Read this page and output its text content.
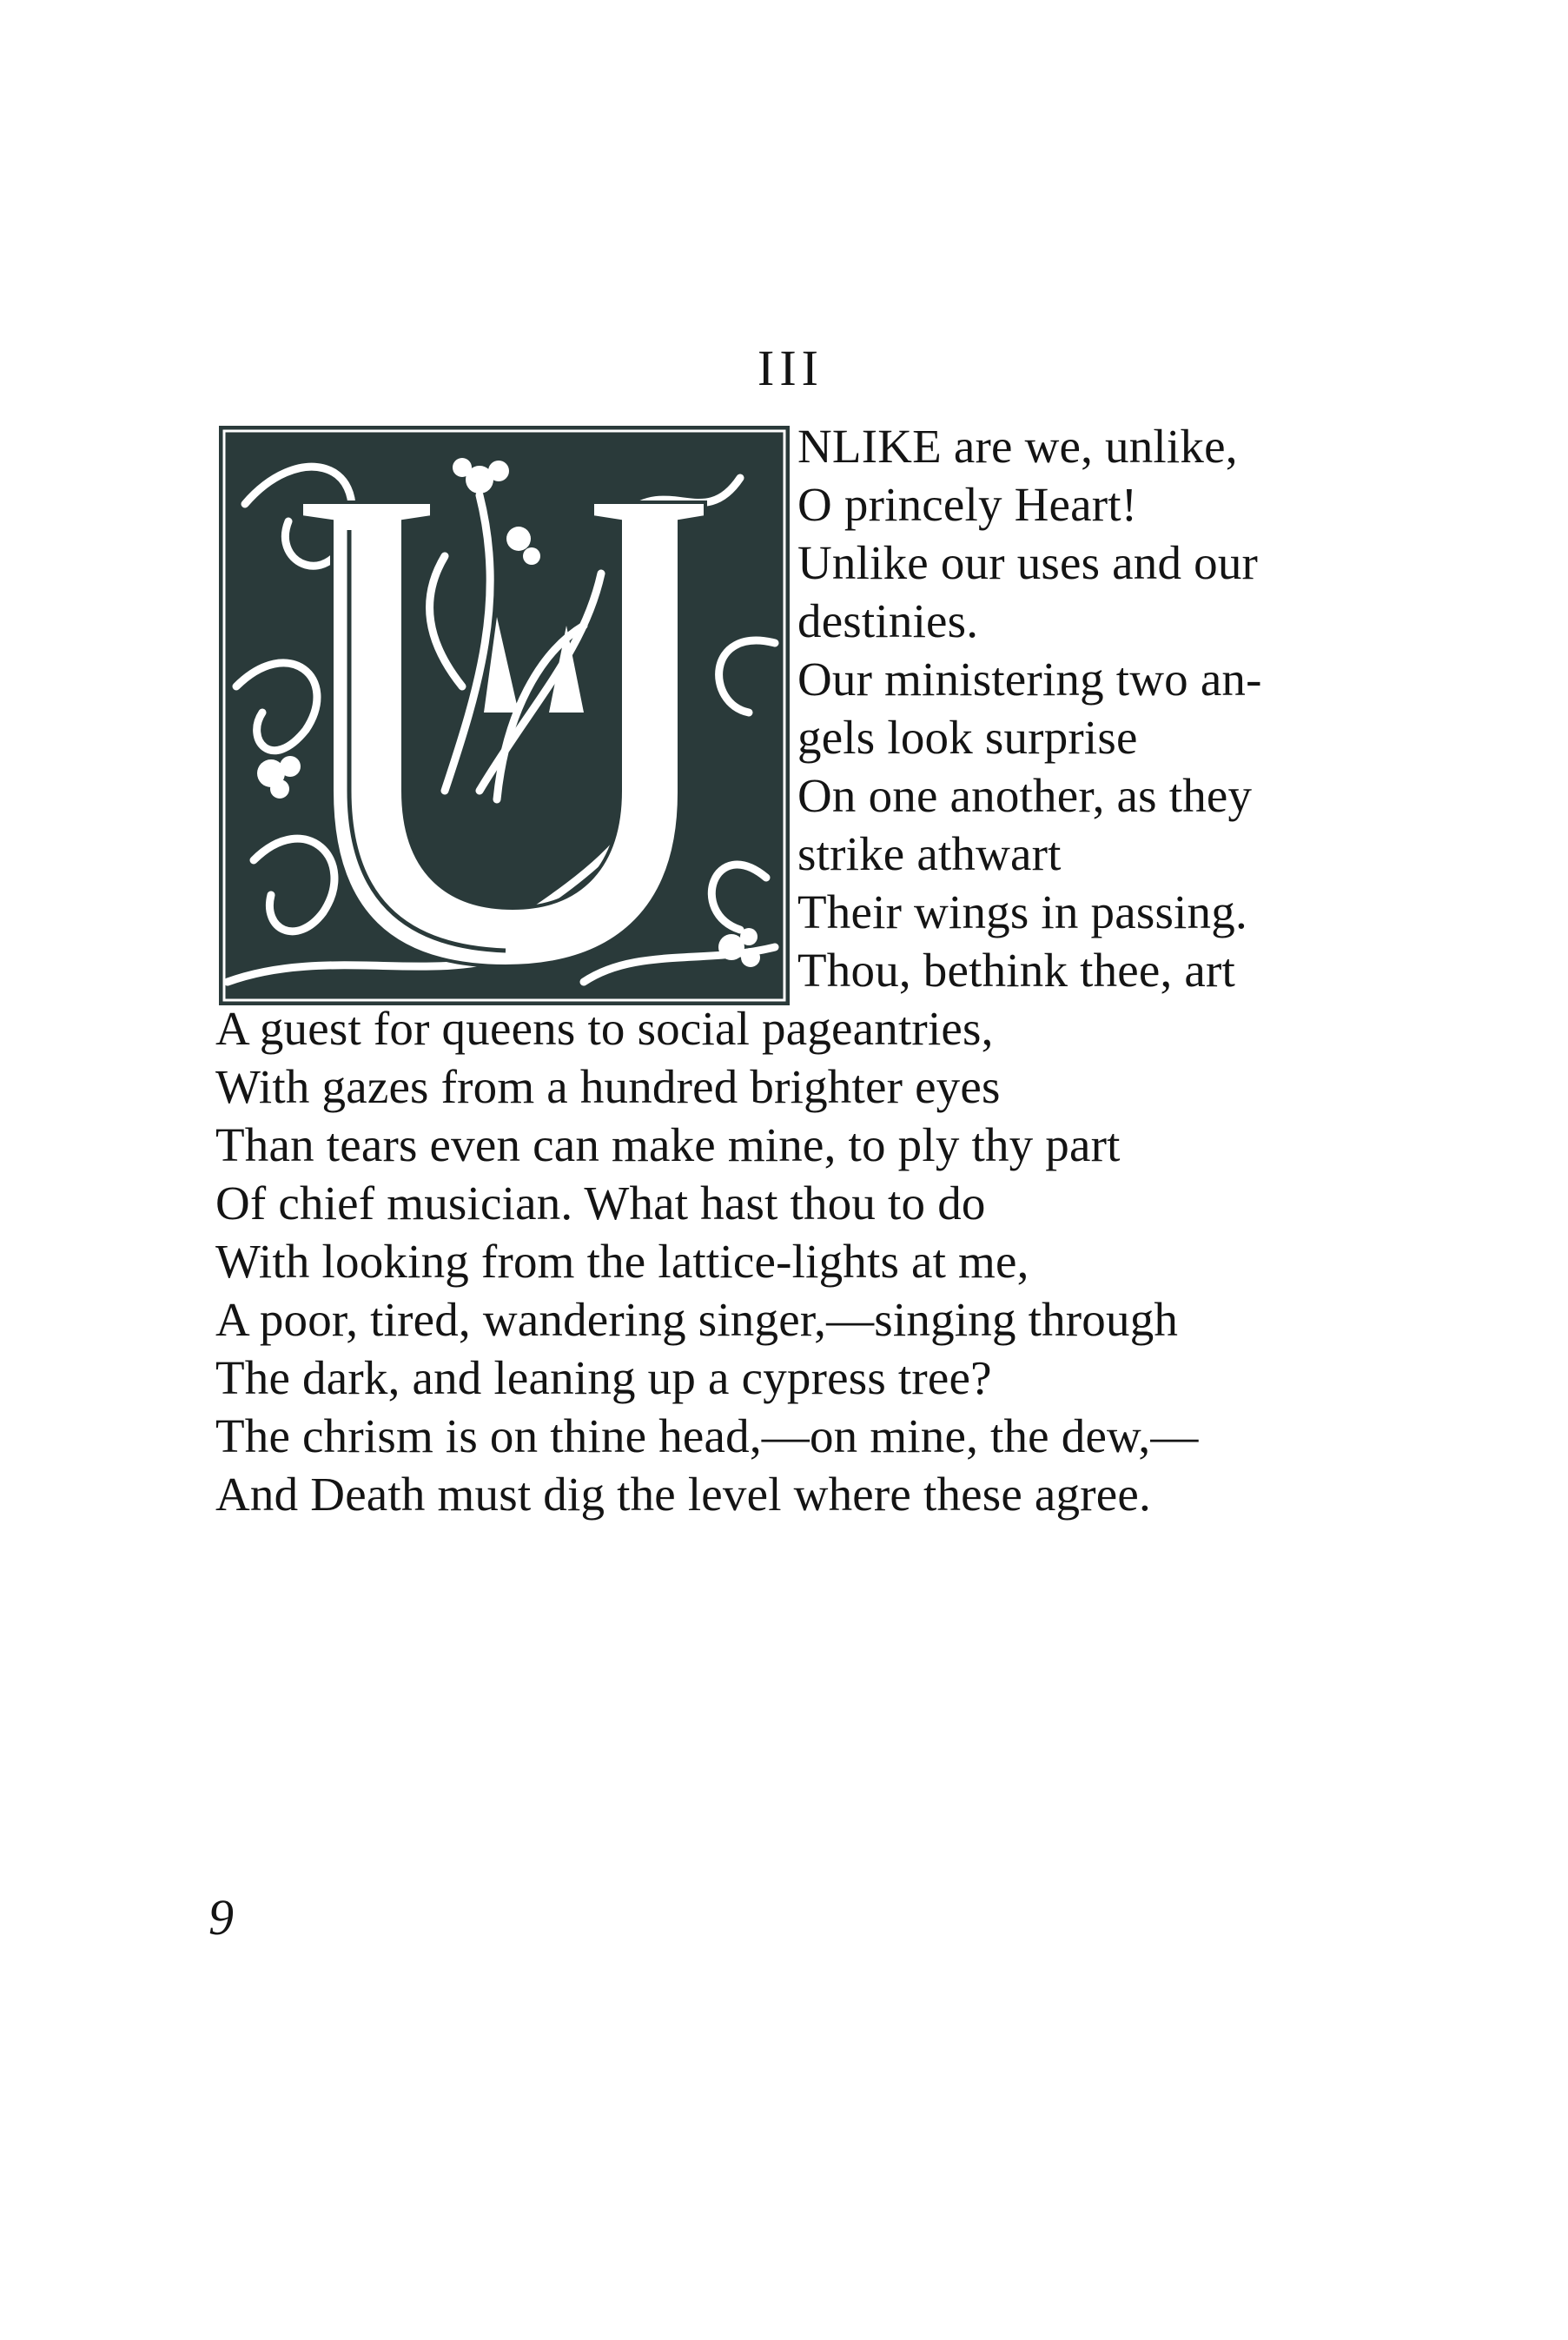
III
NLIKE are we, unlike,
O princely Heart!
Unlike our uses and our
destinies.
Our ministering two an-
gels look surprise
On one another, as they
strike athwart
Their wings in passing.
Thou, bethink thee, art
A guest for queens to social pageantries,
With gazes from a hundred brighter eyes
Than tears even can make mine, to ply thy part
Of chief musician. What hast thou to do
With looking from the lattice-lights at me,
A poor, tired, wandering singer,—singing through
The dark, and leaning up a cypress tree?
The chrism is on thine head,—on mine, the dew,—
And Death must dig the level where these agree.
9
